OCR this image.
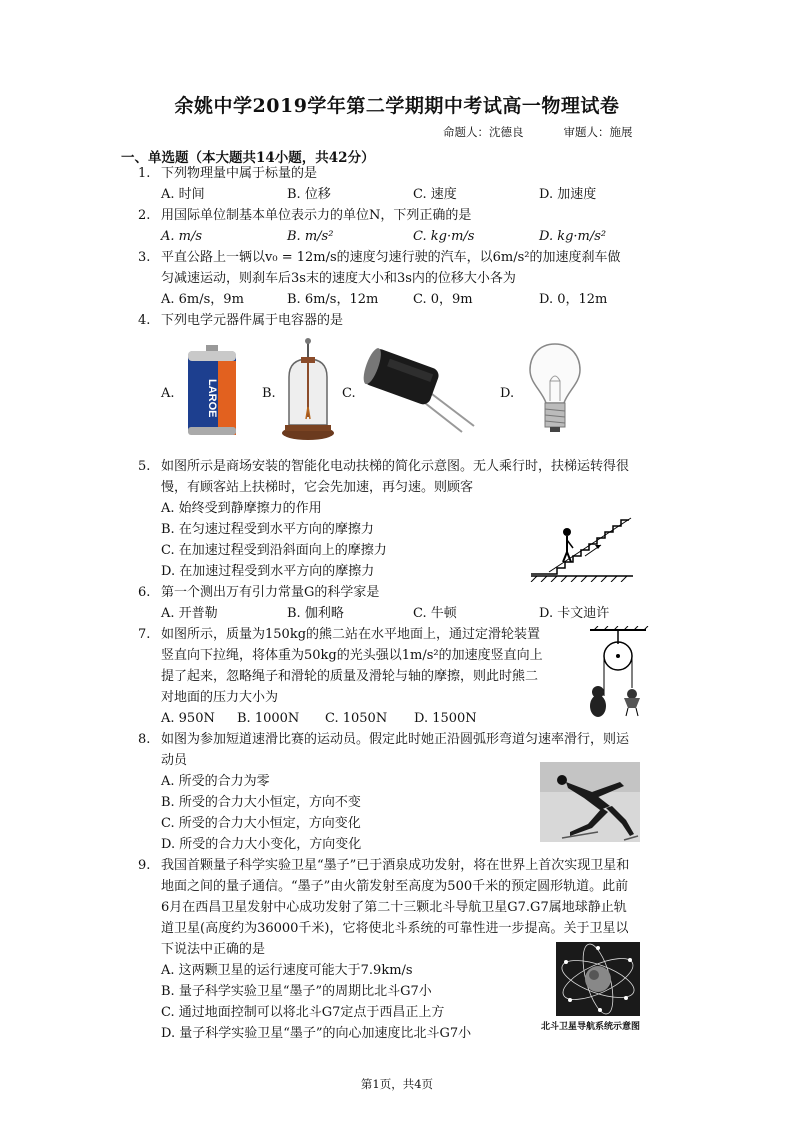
余姚中学2019学年第二学期期中考试高一物理试卷
命题人：沈德良	审题人：施展
一、单选题（本大题共14小题，共42分）
1. 下列物理量中属于标量的是
A. 时间	B. 位移	C. 速度	D. 加速度
2. 用国际单位制基本单位表示力的单位N，下列正确的是
A. m/s	B. m/s²	C. kg·m/s	D. kg·m/s²
3. 平直公路上一辆以v₀ = 12m/s的速度匀速行驶的汽车，以6m/s²的加速度刹车做
匀减速运动，则刹车后3s末的速度大小和3s内的位移大小各为
A. 6m/s，9m	B. 6m/s，12m	C. 0，9m	D. 0，12m
4. 下列电学元器件属于电容器的是
A.	B.	C.	D.
LAROE
5. 如图所示是商场安装的智能化电动扶梯的简化示意图。无人乘行时，扶梯运转得很
慢，有顾客站上扶梯时，它会先加速，再匀速。则顾客
A. 始终受到静摩擦力的作用
B. 在匀速过程受到水平方向的摩擦力
C. 在加速过程受到沿斜面向上的摩擦力
D. 在加速过程受到水平方向的摩擦力
6. 第一个测出万有引力常量G的科学家是
A. 开普勒	B. 伽利略	C. 牛顿	D. 卡文迪许
7. 如图所示，质量为150kg的熊二站在水平地面上，通过定滑轮装置
竖直向下拉绳，将体重为50kg的光头强以1m/s²的加速度竖直向上
提了起来，忽略绳子和滑轮的质量及滑轮与轴的摩擦，则此时熊二
对地面的压力大小为
A. 950N B. 1000N C. 1050N D. 1500N
8. 如图为参加短道速滑比赛的运动员。假定此时她正沿圆弧形弯道匀速率滑行，则运
动员
A. 所受的合力为零
B. 所受的合力大小恒定，方向不变
C. 所受的合力大小恒定，方向变化
D. 所受的合力大小变化，方向变化
9. 我国首颗量子科学实验卫星“墨子”已于酒泉成功发射，将在世界上首次实现卫星和
地面之间的量子通信。“墨子”由火箭发射至高度为500千米的预定圆形轨道。此前
6月在西昌卫星发射中心成功发射了第二十三颗北斗导航卫星G7.G7属地球静止轨
道卫星(高度约为36000千米)，它将使北斗系统的可靠性进一步提高。关于卫星以
下说法中正确的是
A. 这两颗卫星的运行速度可能大于7.9km/s
B. 量子科学实验卫星“墨子”的周期比北斗G7小
C. 通过地面控制可以将北斗G7定点于西昌正上方
D. 量子科学实验卫星“墨子”的向心加速度比北斗G7小	北斗卫星导航系统示意图
第1页，共4页
